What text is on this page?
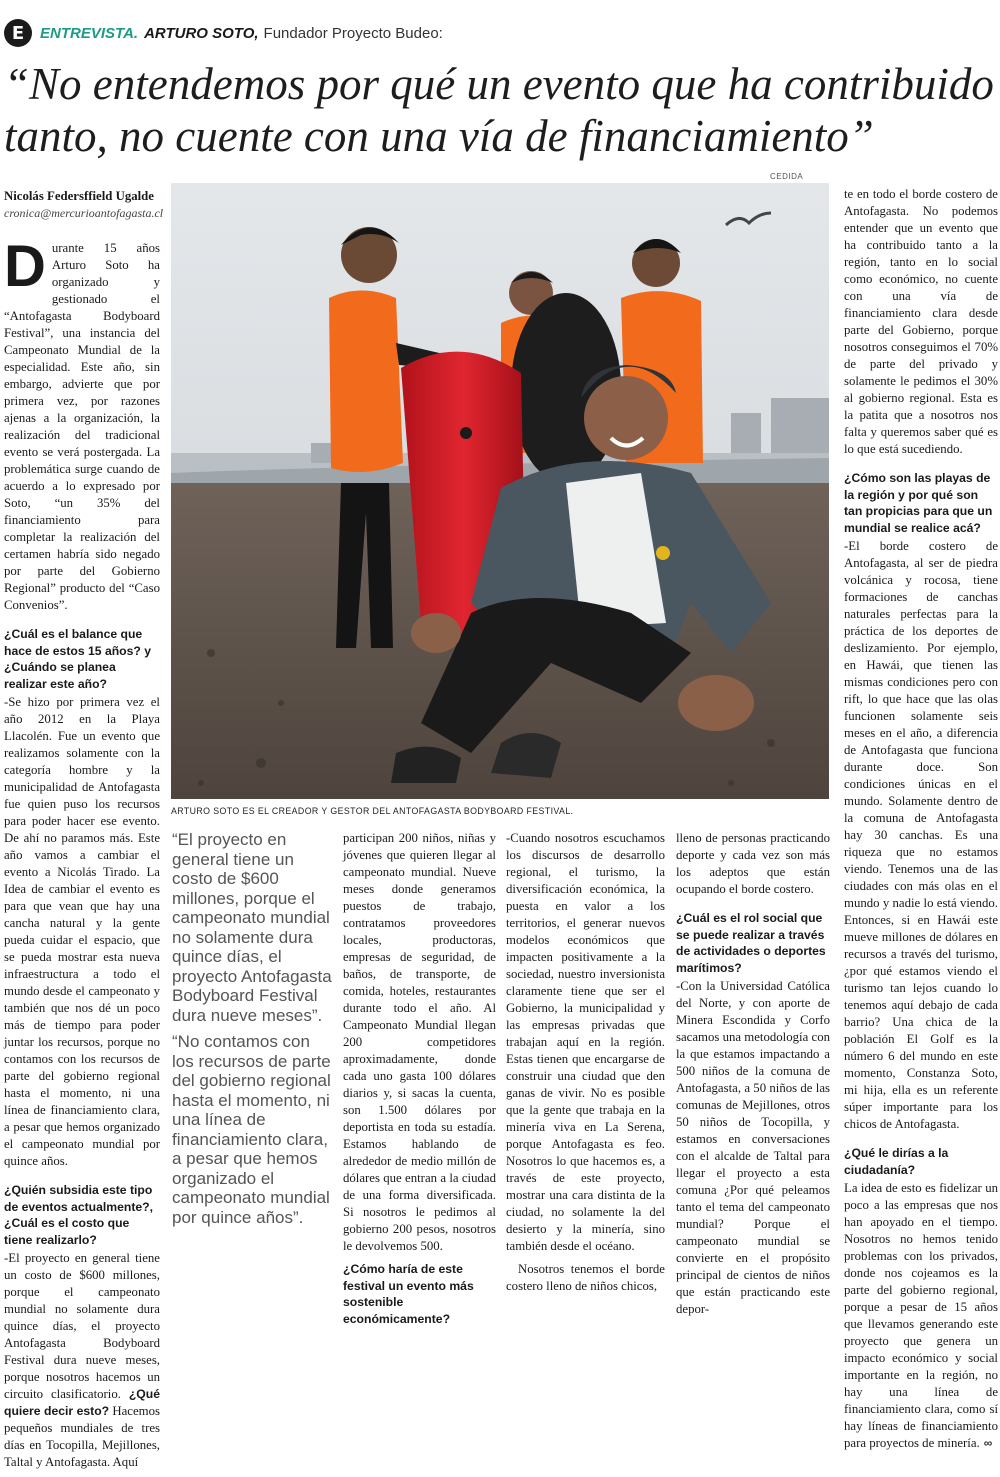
E	ENTREVISTA. ARTURO SOTO, Fundador Proyecto Budeo:
“No entendemos por qué un evento que ha contribuido
tanto, no cuente con una vía de financiamiento”
Nicolás Federsffield Ugalde
cronica@mercurioantofagasta.cl

Durante 15 años Arturo Soto ha organizado y gestionado el “Antofagasta Bodyboard Festival”, una instancia del Campeonato Mundial de la especialidad. Este año, sin embargo, advierte que por primera vez, por razones ajenas a la organización, la realización del tradicional evento se verá postergada. La problemática surge cuando de acuerdo a lo expresado por Soto, “un 35% del financiamiento para completar la realización del certamen habría sido negado por parte del Gobierno Regional” producto del “Caso Convenios”.

¿Cuál es el balance que hace de estos 15 años? y ¿Cuándo se planea realizar este año?

-Se hizo por primera vez el año 2012 en la Playa Llacolén. Fue un evento que realizamos solamente con la categoría hombre y la municipalidad de Antofagasta fue quien puso los recursos para poder hacer ese evento. De ahí no paramos más. Este año vamos a cambiar el evento a Nicolás Tirado. La Idea de cambiar el evento es para que vean que hay una cancha natural y la gente pueda cuidar el espacio, que se pueda mostrar esta nueva infraestructura a todo el mundo desde el campeonato y también que nos dé un poco más de tiempo para poder juntar los recursos, porque no contamos con los recursos de parte del gobierno regional hasta el momento, ni una línea de financiamiento clara, a pesar que hemos organizado el campeonato mundial por quince años.

¿Quién subsidia este tipo de eventos actualmente?, ¿Cuál es el costo que tiene realizarlo?

-El proyecto en general tiene un costo de $600 millones, porque el campeonato mundial no solamente dura quince días, el proyecto Antofagasta Bodyboard Festival dura nueve meses, porque nosotros hacemos un circuito clasificatorio. ¿Qué quiere decir esto? Hacemos pequeños mundiales de tres días en Tocopilla, Mejillones, Taltal y Antofagasta. Aquí

CEDIDA
ARTURO SOTO ES EL CREADOR Y GESTOR DEL ANTOFAGASTA BODYBOARD FESTIVAL.
“El proyecto en general tiene un costo de $600 millones, porque el campeonato mundial no solamente dura quince días, el proyecto Antofagasta Bodyboard Festival dura nueve meses”.
“No contamos con los recursos de parte del gobierno regional hasta el momento, ni una línea de financiamiento clara, a pesar que hemos organizado el campeonato mundial por quince años”.

participan 200 niños, niñas y jóvenes que quieren llegar al campeonato mundial. Nueve meses donde generamos puestos de trabajo, contratamos proveedores locales, productoras, empresas de seguridad, de baños, de transporte, de comida, hoteles, restaurantes durante todo el año. Al Campeonato Mundial llegan 200 competidores aproximadamente, donde cada uno gasta 100 dólares diarios y, si sacas la cuenta, son 1.500 dólares por deportista en toda su estadía. Estamos hablando de alrededor de medio millón de dólares que entran a la ciudad de una forma diversificada. Si nosotros le pedimos al gobierno 200 pesos, nosotros le devolvemos 500.

¿Cómo haría de este festival un evento más sostenible económicamente?

-Cuando nosotros escuchamos los discursos de desarrollo regional, el turismo, la diversificación económica, la puesta en valor a los territorios, el generar nuevos modelos económicos que impacten positivamente a la sociedad, nuestro inversionista claramente tiene que ser el Gobierno, la municipalidad y las empresas privadas que trabajan aquí en la región. Estas tienen que encargarse de construir una ciudad que den ganas de vivir. No es posible que la gente que trabaja en la minería viva en La Serena, porque Antofagasta es feo. Nosotros lo que hacemos es, a través de este proyecto, mostrar una cara distinta de la ciudad, no solamente la del desierto y la minería, sino también desde el océano.

Nosotros tenemos el borde costero lleno de niños chicos,

lleno de personas practicando deporte y cada vez son más los adeptos que están ocupando el borde costero.

¿Cuál es el rol social que se puede realizar a través de actividades o deportes marítimos?

-Con la Universidad Católica del Norte, y con aporte de Minera Escondida y Corfo sacamos una metodología con la que estamos impactando a 500 niños de la comuna de Antofagasta, a 50 niños de las comunas de Mejillones, otros 50 niños de Tocopilla, y estamos en conversaciones con el alcalde de Taltal para llegar el proyecto a esta comuna ¿Por qué peleamos tanto el tema del campeonato mundial? Porque el campeonato mundial se convierte en el propósito principal de cientos de niños que están practicando este depor-

te en todo el borde costero de Antofagasta. No podemos entender que un evento que ha contribuido tanto a la región, tanto en lo social como económico, no cuente con una vía de financiamiento clara desde parte del Gobierno, porque nosotros conseguimos el 70% de parte del privado y solamente le pedimos el 30% al gobierno regional. Esta es la patita que a nosotros nos falta y queremos saber qué es lo que está sucediendo.

¿Cómo son las playas de la región y por qué son tan propicias para que un mundial se realice acá?

-El borde costero de Antofagasta, al ser de piedra volcánica y rocosa, tiene formaciones de canchas naturales perfectas para la práctica de los deportes de deslizamiento. Por ejemplo, en Hawái, que tienen las mismas condiciones pero con rift, lo que hace que las olas funcionen solamente seis meses en el año, a diferencia de Antofagasta que funciona durante doce. Son condiciones únicas en el mundo. Solamente dentro de la comuna de Antofagasta hay 30 canchas. Es una riqueza que no estamos viendo. Tenemos una de las ciudades con más olas en el mundo y nadie lo está viendo. Entonces, si en Hawái este mueve millones de dólares en recursos a través del turismo, ¿por qué estamos viendo el turismo tan lejos cuando lo tenemos aquí debajo de cada barrio? Una chica de la población El Golf es la número 6 del mundo en este momento, Constanza Soto, mi hija, ella es un referente súper importante para los chicos de Antofagasta.

¿Qué le dirías a la ciudadanía?

La idea de esto es fidelizar un poco a las empresas que nos han apoyado en el tiempo. Nosotros no hemos tenido problemas con los privados, donde nos cojeamos es la parte del gobierno regional, porque a pesar de 15 años que llevamos generando este proyecto que genera un impacto económico y social importante en la región, no hay una línea de financiamiento clara, como sí hay líneas de financiamiento para proyectos de minería. ∞
